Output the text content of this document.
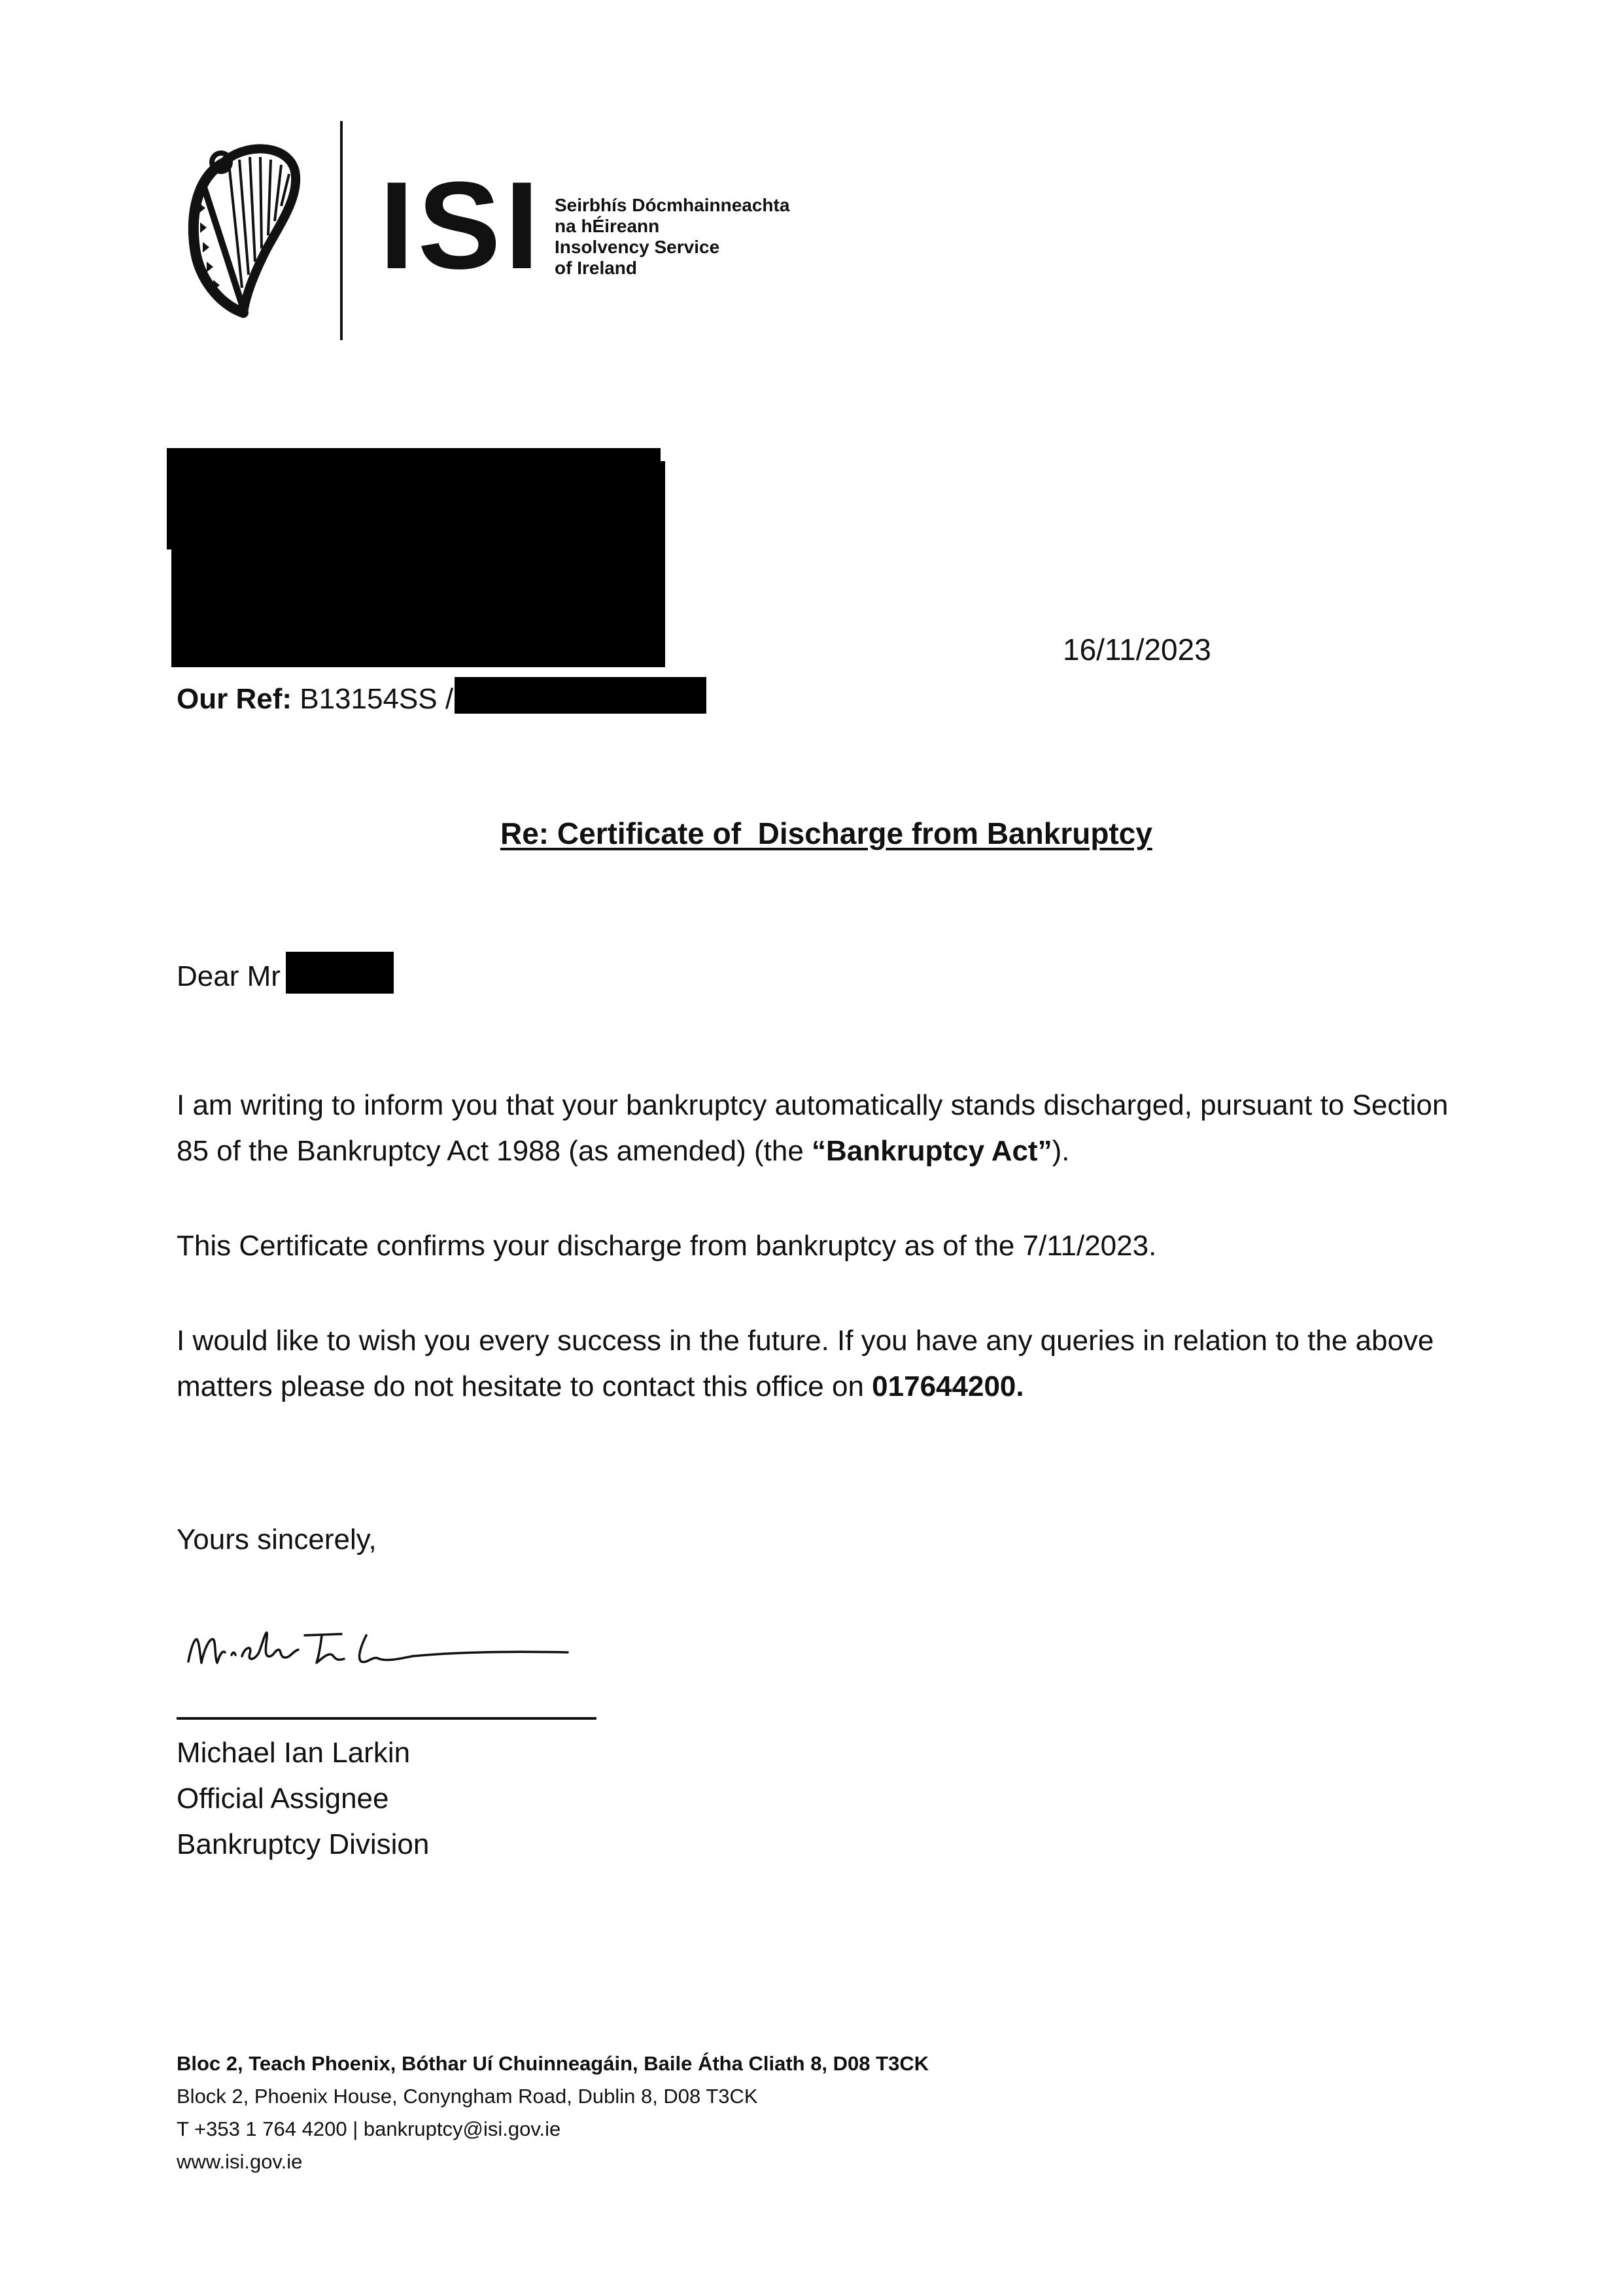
ISI Seirbhís Dócmhainneachta
na hÉireann
Insolvency Service
of Ireland
16/11/2023
Our Ref: B13154SS /
Re: Certificate of  Discharge from Bankruptcy
Dear Mr
I am writing to inform you that your bankruptcy automatically stands discharged, pursuant to Section 85 of the Bankruptcy Act 1988 (as amended) (the “Bankruptcy Act”).
This Certificate confirms your discharge from bankruptcy as of the 7/11/2023.
I would like to wish you every success in the future. If you have any queries in relation to the above matters please do not hesitate to contact this office on 017644200.
Yours sincerely,
Michael Ian Larkin
Official Assignee
Bankruptcy Division
Bloc 2, Teach Phoenix, Bóthar Uí Chuinneagáin, Baile Átha Cliath 8, D08 T3CK
Block 2, Phoenix House, Conyngham Road, Dublin 8, D08 T3CK
T +353 1 764 4200 | bankruptcy@isi.gov.ie
www.isi.gov.ie
